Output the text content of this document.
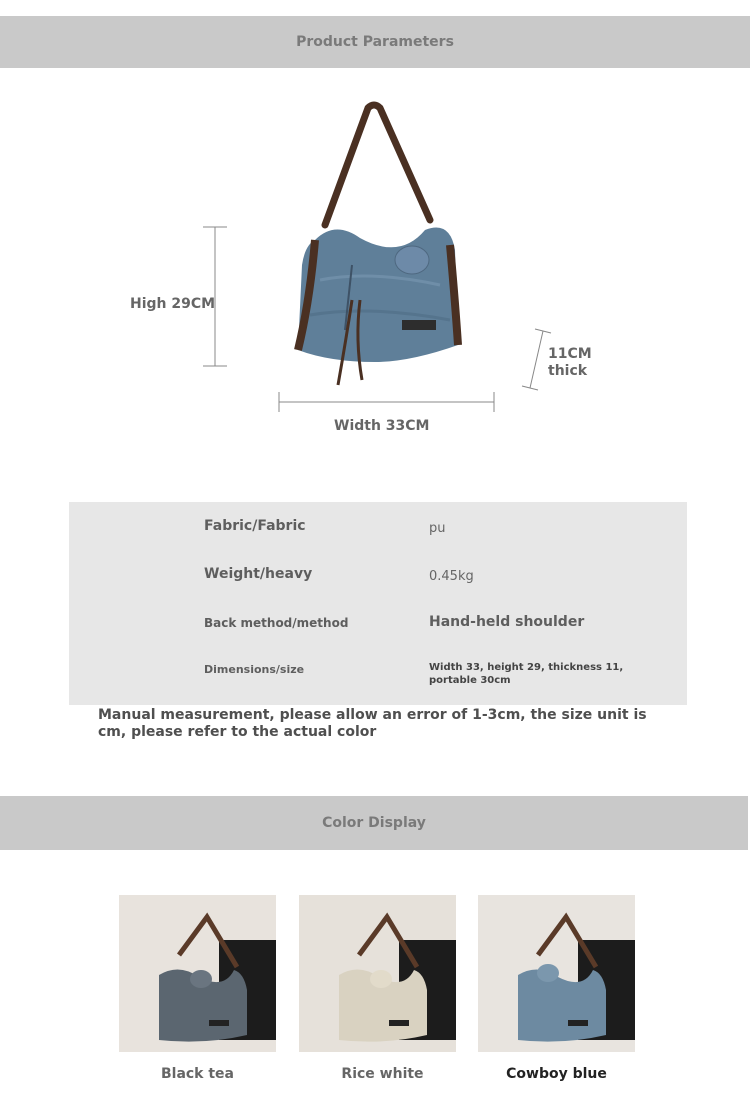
Product Parameters
High 29CM
Width 33CM
11CM
thick
Fabric/Fabric	pu
Weight/heavy	0.45kg
Back method/method	Hand-held shoulder
Dimensions/size	Width 33, height 29, thickness 11, portable 30cm
Manual measurement, please allow an error of 1-3cm, the size unit is cm, please refer to the actual color
Color Display
Black tea	Rice white	Cowboy blue
